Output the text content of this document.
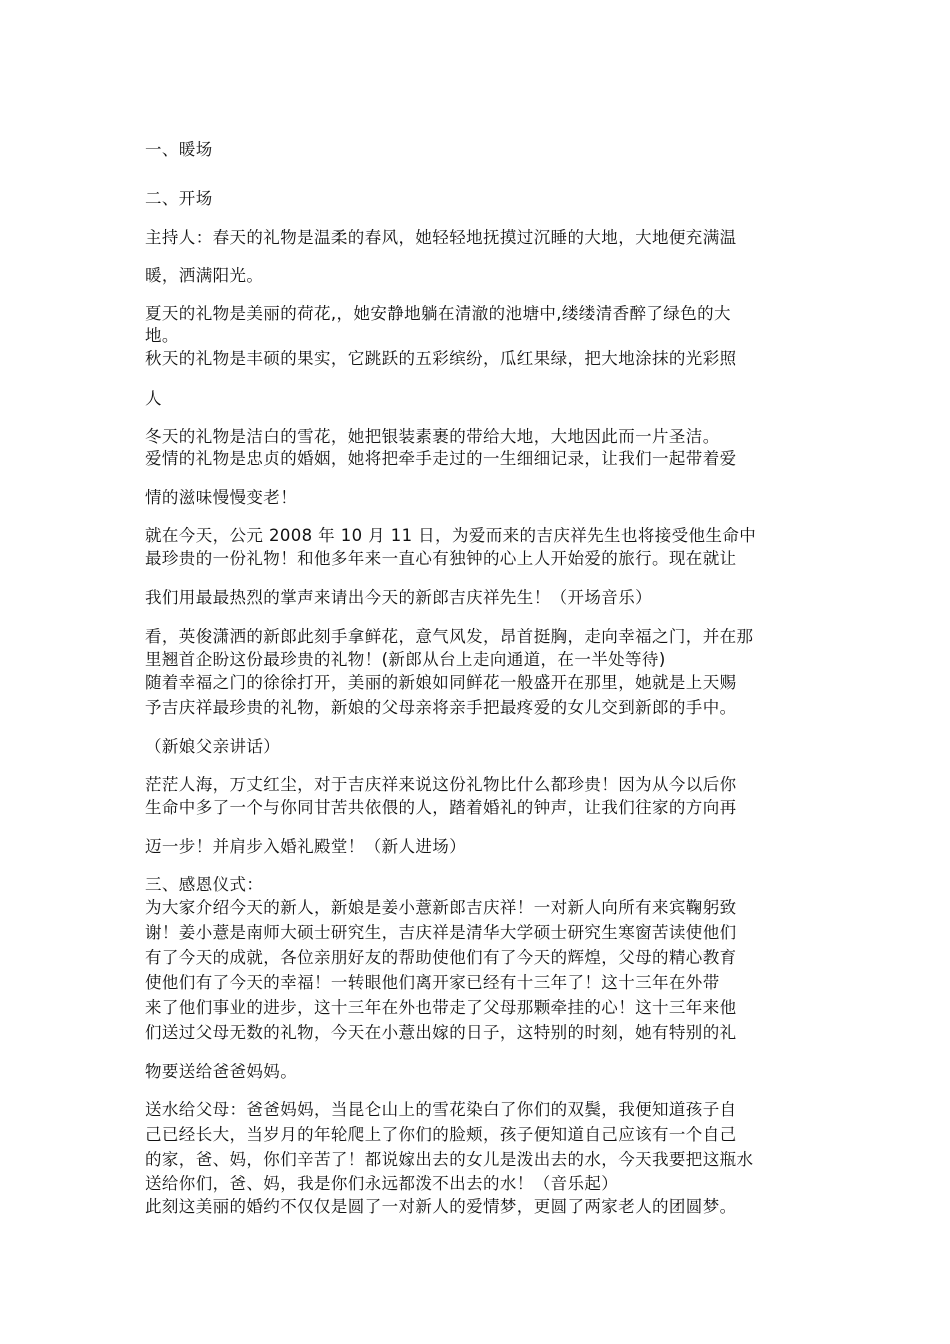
一、暖场
二、开场
主持人：春天的礼物是温柔的春风，她轻轻地抚摸过沉睡的大地，大地便充满温
暖，洒满阳光。
夏天的礼物是美丽的荷花,，她安静地躺在清澈的池塘中,缕缕清香醉了绿色的大
地。
秋天的礼物是丰硕的果实，它跳跃的五彩缤纷，瓜红果绿，把大地涂抹的光彩照
人
冬天的礼物是洁白的雪花，她把银装素裹的带给大地，大地因此而一片圣洁。
爱情的礼物是忠贞的婚姻，她将把牵手走过的一生细细记录，让我们一起带着爱
情的滋味慢慢变老！
就在今天，公元 2008 年 10 月 11 日，为爱而来的吉庆祥先生也将接受他生命中
最珍贵的一份礼物！和他多年来一直心有独钟的心上人开始爱的旅行。现在就让
我们用最最热烈的掌声来请出今天的新郎吉庆祥先生！（开场音乐）
看，英俊潇洒的新郎此刻手拿鲜花，意气风发，昂首挺胸，走向幸福之门，并在那
里翘首企盼这份最珍贵的礼物！(新郎从台上走向通道，在一半处等待)
随着幸福之门的徐徐打开，美丽的新娘如同鲜花一般盛开在那里，她就是上天赐
予吉庆祥最珍贵的礼物，新娘的父母亲将亲手把最疼爱的女儿交到新郎的手中。
（新娘父亲讲话）
茫茫人海，万丈红尘，对于吉庆祥来说这份礼物比什么都珍贵！因为从今以后你
生命中多了一个与你同甘苦共依偎的人，踏着婚礼的钟声，让我们往家的方向再
迈一步！并肩步入婚礼殿堂！（新人进场）
三、感恩仪式：
为大家介绍今天的新人，新娘是姜小薏新郎吉庆祥！一对新人向所有来宾鞠躬致
谢！姜小薏是南师大硕士研究生，吉庆祥是清华大学硕士研究生寒窗苦读使他们
有了今天的成就，各位亲朋好友的帮助使他们有了今天的辉煌，父母的精心教育
使他们有了今天的幸福！一转眼他们离开家已经有十三年了！这十三年在外带
来了他们事业的进步，这十三年在外也带走了父母那颗牵挂的心！这十三年来他
们送过父母无数的礼物，今天在小薏出嫁的日子，这特别的时刻，她有特别的礼
物要送给爸爸妈妈。
送水给父母：爸爸妈妈，当昆仑山上的雪花染白了你们的双鬓，我便知道孩子自
己已经长大，当岁月的年轮爬上了你们的脸颊，孩子便知道自己应该有一个自己
的家，爸、妈，你们辛苦了！都说嫁出去的女儿是泼出去的水，今天我要把这瓶水
送给你们，爸、妈，我是你们永远都泼不出去的水！（音乐起）
此刻这美丽的婚约不仅仅是圆了一对新人的爱情梦，更圆了两家老人的团圆梦。
